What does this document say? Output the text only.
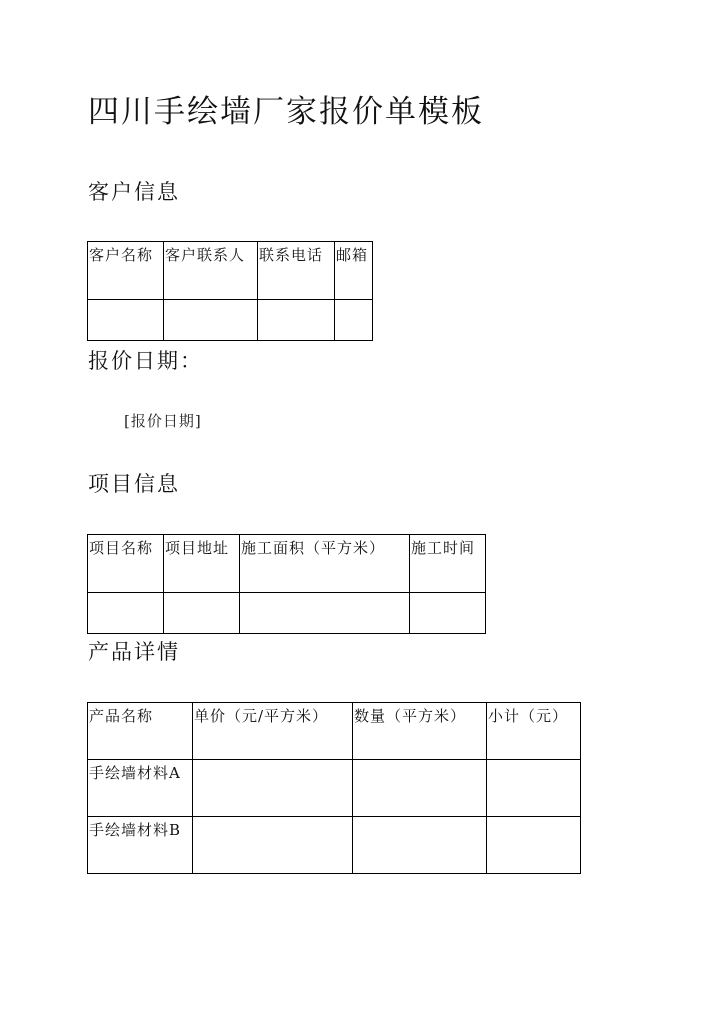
四川手绘墙厂家报价单模板
客户信息
客户名称	客户联系人	联系电话	邮箱

报价日期：
[报价日期]
项目信息
项目名称	项目地址	施工面积（平方米）	施工时间

产品详情
产品名称	单价（元/平方米）	数量（平方米）	小计（元）
手绘墙材料A			
手绘墙材料B			
